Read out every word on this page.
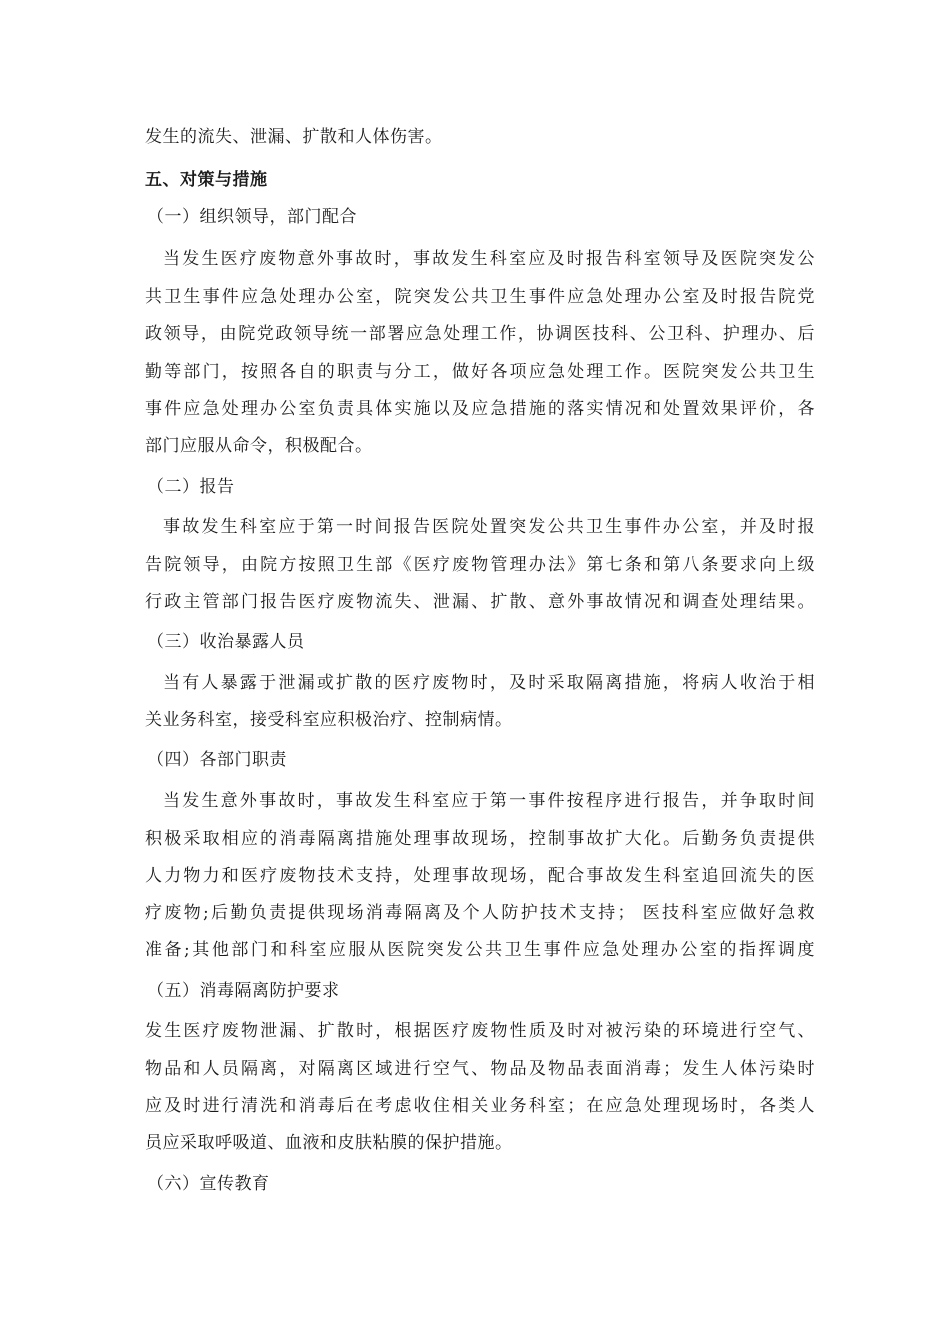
发生的流失、泄漏、扩散和人体伤害。
五、对策与措施
（一）组织领导，部门配合
当发生医疗废物意外事故时，事故发生科室应及时报告科室领导及医院突发公
共卫生事件应急处理办公室，院突发公共卫生事件应急处理办公室及时报告院党
政领导，由院党政领导统一部署应急处理工作，协调医技科、公卫科、护理办、后
勤等部门，按照各自的职责与分工，做好各项应急处理工作。医院突发公共卫生
事件应急处理办公室负责具体实施以及应急措施的落实情况和处置效果评价，各
部门应服从命令，积极配合。
（二）报告
事故发生科室应于第一时间报告医院处置突发公共卫生事件办公室，并及时报
告院领导，由院方按照卫生部《医疗废物管理办法》第七条和第八条要求向上级
行政主管部门报告医疗废物流失、泄漏、扩散、意外事故情况和调查处理结果。
（三）收治暴露人员
当有人暴露于泄漏或扩散的医疗废物时，及时采取隔离措施，将病人收治于相
关业务科室，接受科室应积极治疗、控制病情。
（四）各部门职责
当发生意外事故时，事故发生科室应于第一事件按程序进行报告，并争取时间
积极采取相应的消毒隔离措施处理事故现场，控制事故扩大化。后勤务负责提供
人力物力和医疗废物技术支持，处理事故现场，配合事故发生科室追回流失的医
疗废物;后勤负责提供现场消毒隔离及个人防护技术支持； 医技科室应做好急救
准备;其他部门和科室应服从医院突发公共卫生事件应急处理办公室的指挥调度
（五）消毒隔离防护要求
发生医疗废物泄漏、扩散时，根据医疗废物性质及时对被污染的环境进行空气、
物品和人员隔离，对隔离区域进行空气、物品及物品表面消毒；发生人体污染时
应及时进行清洗和消毒后在考虑收住相关业务科室；在应急处理现场时，各类人
员应采取呼吸道、血液和皮肤粘膜的保护措施。
（六）宣传教育
